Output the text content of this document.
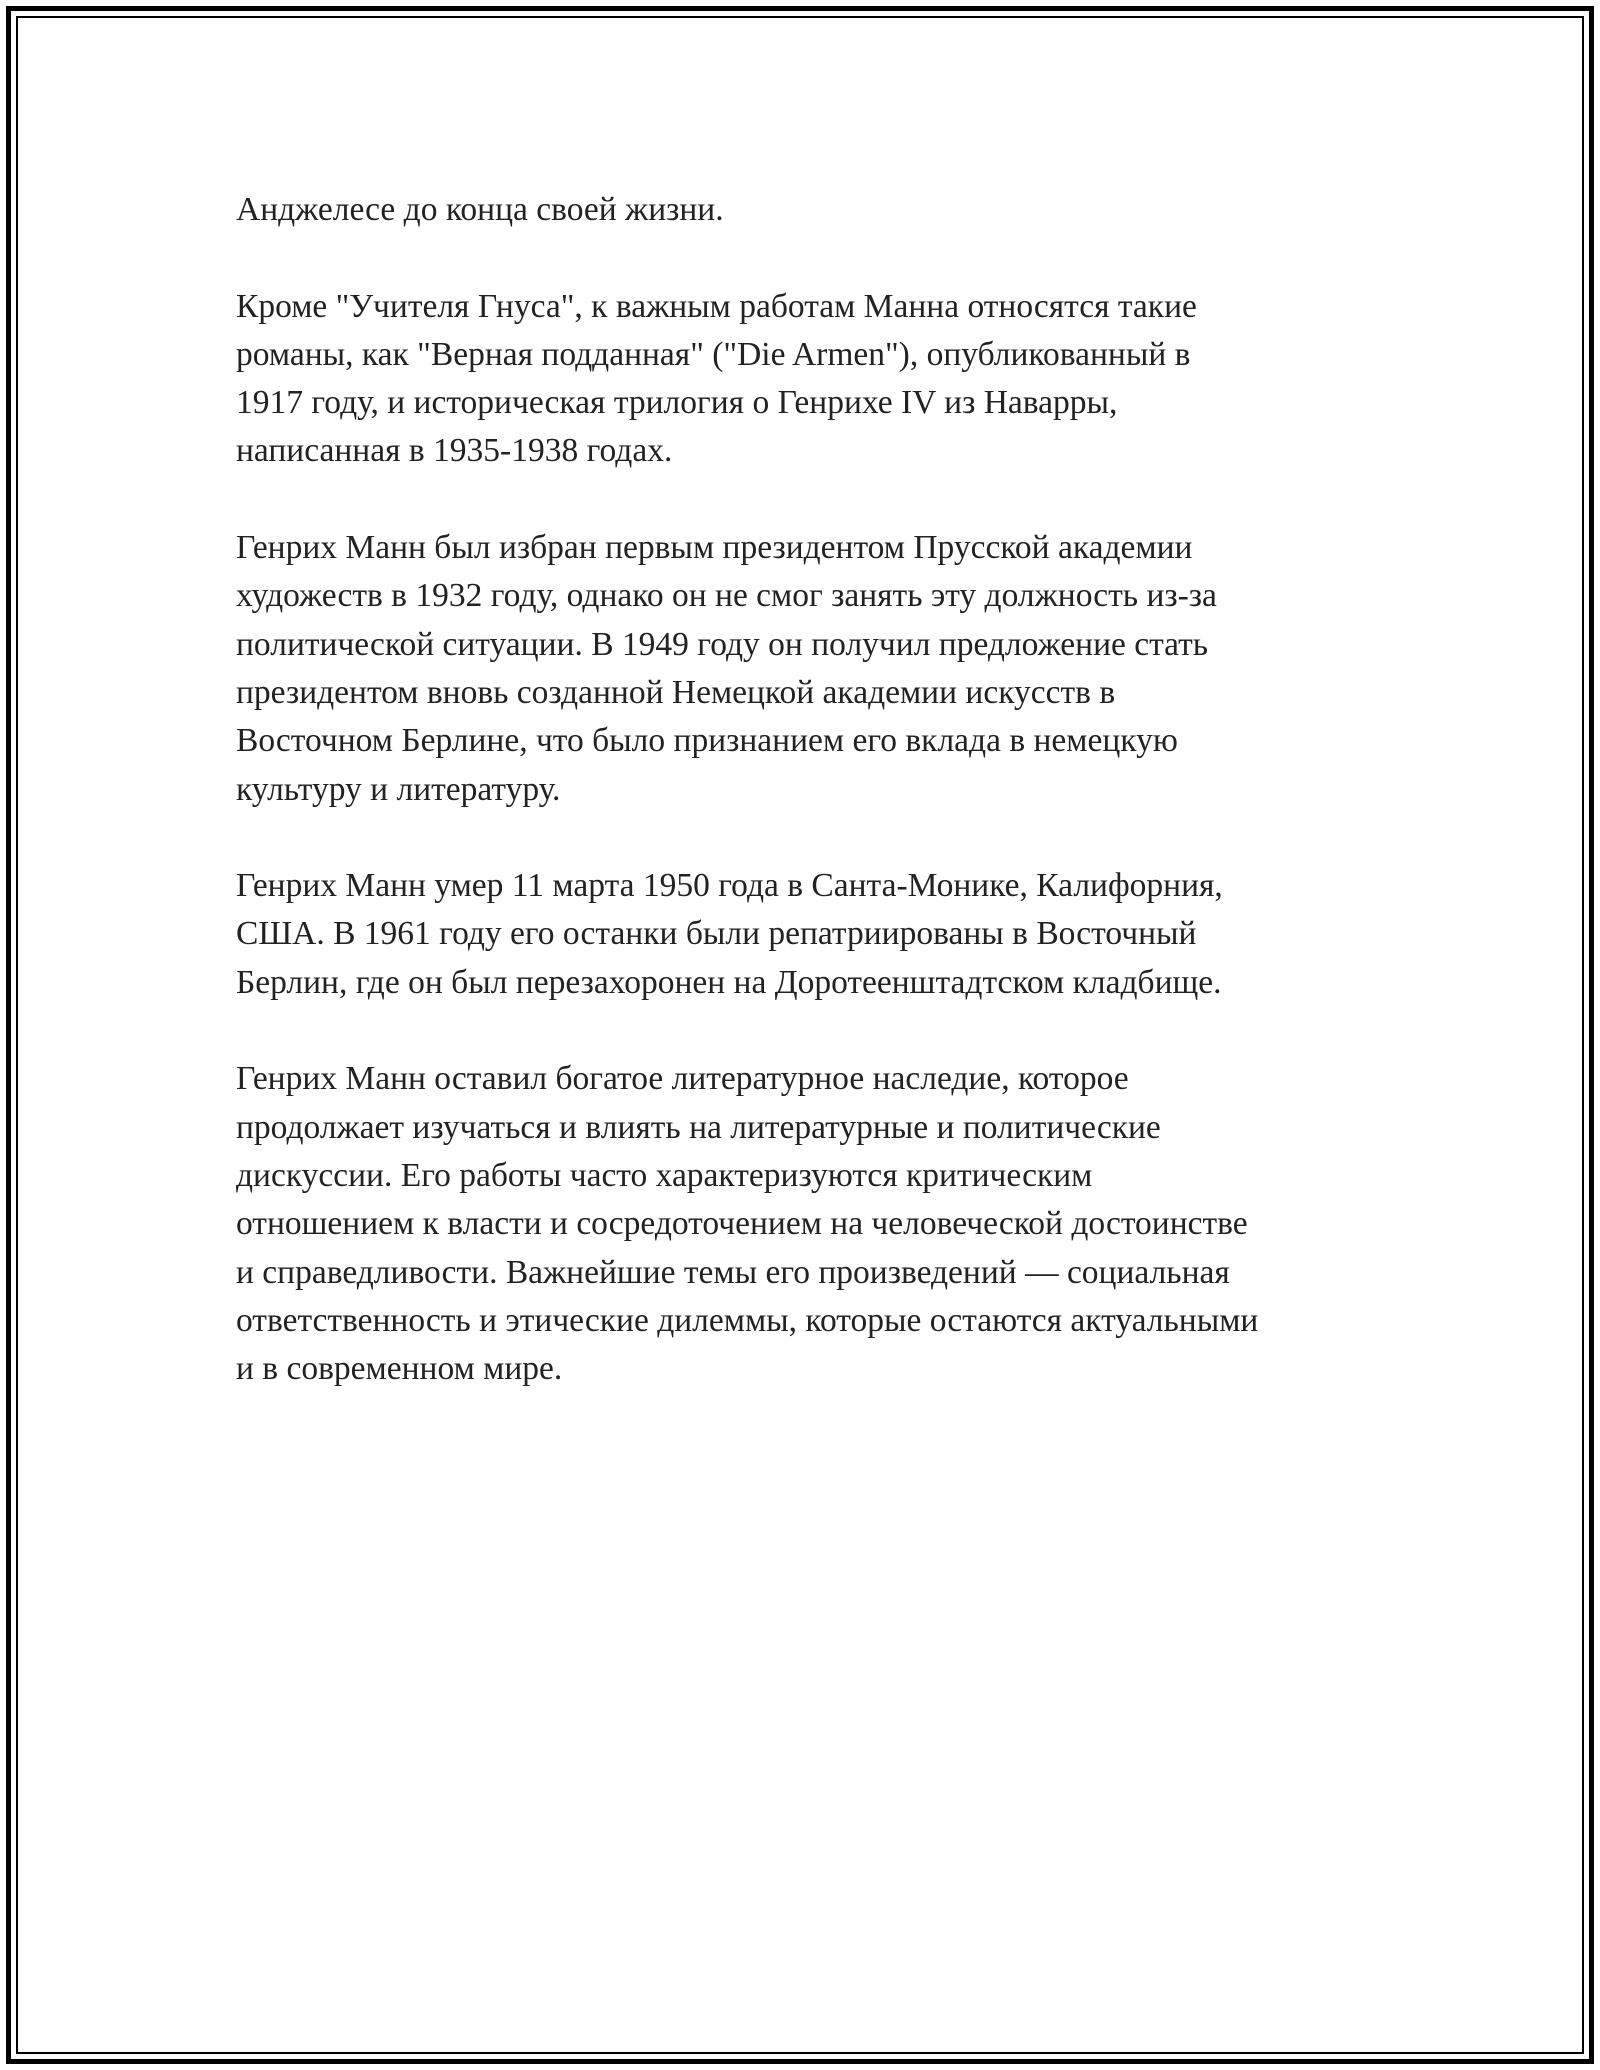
Анджелесе до конца своей жизни.

Кроме "Учителя Гнуса", к важным работам Манна относятся такие
романы, как "Верная подданная" ("Die Armen"), опубликованный в
1917 году, и историческая трилогия о Генрихе IV из Наварры,
написанная в 1935-1938 годах.

Генрих Манн был избран первым президентом Прусской академии
художеств в 1932 году, однако он не смог занять эту должность из-за
политической ситуации. В 1949 году он получил предложение стать
президентом вновь созданной Немецкой академии искусств в
Восточном Берлине, что было признанием его вклада в немецкую
культуру и литературу.

Генрих Манн умер 11 марта 1950 года в Санта-Монике, Калифорния,
США. В 1961 году его останки были репатриированы в Восточный
Берлин, где он был перезахоронен на Доротеенштадтском кладбище.

Генрих Манн оставил богатое литературное наследие, которое
продолжает изучаться и влиять на литературные и политические
дискуссии. Его работы часто характеризуются критическим
отношением к власти и сосредоточением на человеческой достоинстве
и справедливости. Важнейшие темы его произведений — социальная
ответственность и этические дилеммы, которые остаются актуальными
и в современном мире.
